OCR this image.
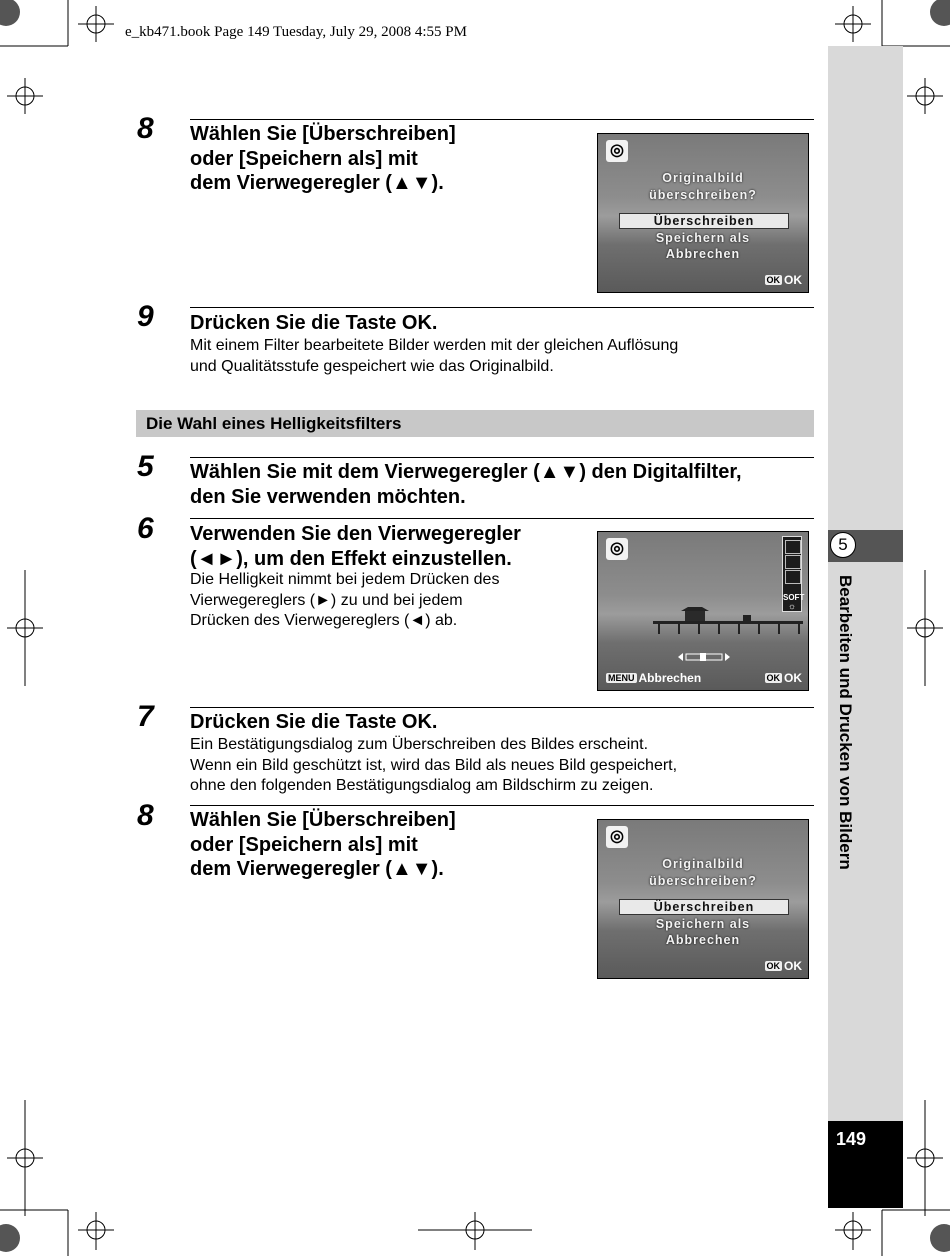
e_kb471.book Page 149 Tuesday, July 29, 2008 4:55 PM
5
Bearbeiten und Drucken von Bildern
149
8 Wählen Sie [Überschreiben]
oder [Speichern als] mit
dem Vierwegeregler (▲▼).
◎
Originalbild
überschreiben?
Überschreiben
Speichern als
Abbrechen
OK OK
9 Drücken Sie die Taste OK.
Mit einem Filter bearbeitete Bilder werden mit der gleichen Auflösung
und Qualitätsstufe gespeichert wie das Originalbild.
Die Wahl eines Helligkeitsfilters
5 Wählen Sie mit dem Vierwegeregler (▲▼) den Digitalfilter,
den Sie verwenden möchten.
6 Verwenden Sie den Vierwegeregler
(◄►), um den Effekt einzustellen.
Die Helligkeit nimmt bei jedem Drücken des
Vierwegereglers (►) zu und bei jedem
Drücken des Vierwegereglers (◄) ab.
◎
SOFT
☼
MENU Abbrechen	OK OK
7 Drücken Sie die Taste OK.
Ein Bestätigungsdialog zum Überschreiben des Bildes erscheint.
Wenn ein Bild geschützt ist, wird das Bild als neues Bild gespeichert,
ohne den folgenden Bestätigungsdialog am Bildschirm zu zeigen.
8 Wählen Sie [Überschreiben]
oder [Speichern als] mit
dem Vierwegeregler (▲▼).
◎
Originalbild
überschreiben?
Überschreiben
Speichern als
Abbrechen
OK OK
